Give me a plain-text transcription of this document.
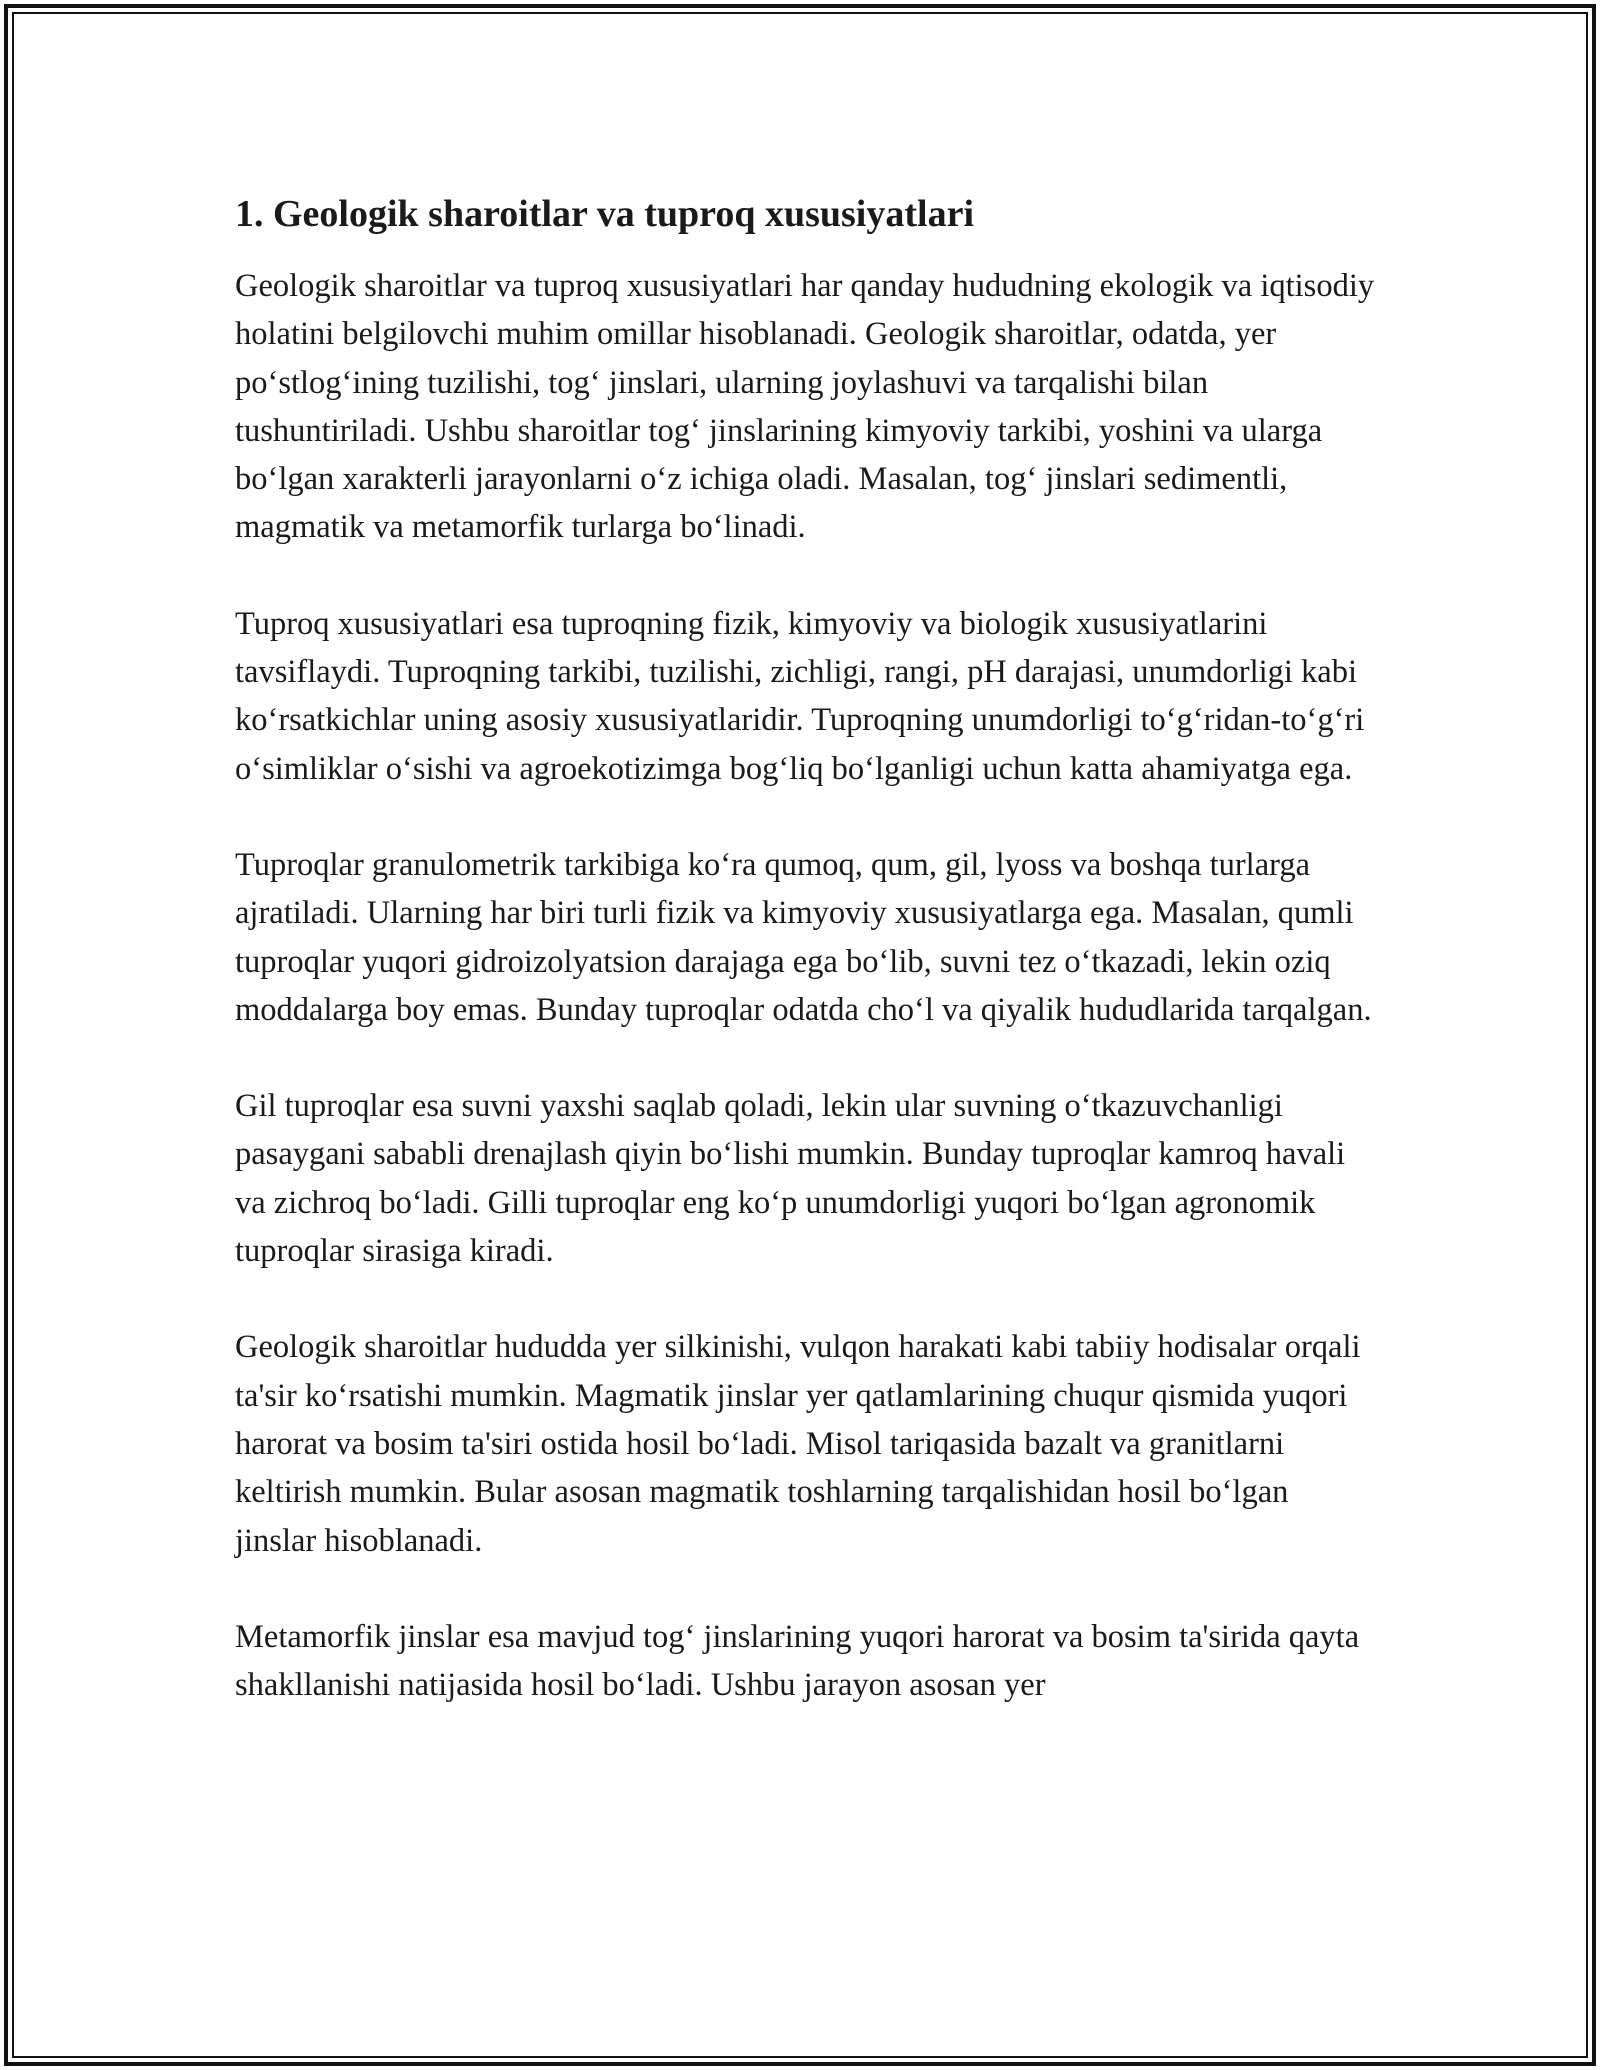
1. Geologik sharoitlar va tuproq xususiyatlari

Geologik sharoitlar va tuproq xususiyatlari har qanday hududning ekologik va iqtisodiy holatini belgilovchi muhim omillar hisoblanadi. Geologik sharoitlar, odatda, yer po‘stlog‘ining tuzilishi, tog‘ jinslari, ularning joylashuvi va tarqalishi bilan tushuntiriladi. Ushbu sharoitlar tog‘ jinslarining kimyoviy tarkibi, yoshini va ularga bo‘lgan xarakterli jarayonlarni o‘z ichiga oladi. Masalan, tog‘ jinslari sedimentli, magmatik va metamorfik turlarga bo‘linadi.

Tuproq xususiyatlari esa tuproqning fizik, kimyoviy va biologik xususiyatlarini tavsiflaydi. Tuproqning tarkibi, tuzilishi, zichligi, rangi, pH darajasi, unumdorligi kabi ko‘rsatkichlar uning asosiy xususiyatlaridir. Tuproqning unumdorligi to‘g‘ridan-to‘g‘ri o‘simliklar o‘sishi va agroekotizimga bog‘liq bo‘lganligi uchun katta ahamiyatga ega.

Tuproqlar granulometrik tarkibiga ko‘ra qumoq, qum, gil, lyoss va boshqa turlarga ajratiladi. Ularning har biri turli fizik va kimyoviy xususiyatlarga ega. Masalan, qumli tuproqlar yuqori gidroizolyatsion darajaga ega bo‘lib, suvni tez o‘tkazadi, lekin oziq moddalarga boy emas. Bunday tuproqlar odatda cho‘l va qiyalik hududlarida tarqalgan.

Gil tuproqlar esa suvni yaxshi saqlab qoladi, lekin ular suvning o‘tkazuvchanligi pasaygani sababli drenajlash qiyin bo‘lishi mumkin. Bunday tuproqlar kamroq havali va zichroq bo‘ladi. Gilli tuproqlar eng ko‘p unumdorligi yuqori bo‘lgan agronomik tuproqlar sirasiga kiradi.

Geologik sharoitlar hududda yer silkinishi, vulqon harakati kabi tabiiy hodisalar orqali ta'sir ko‘rsatishi mumkin. Magmatik jinslar yer qatlamlarining chuqur qismida yuqori harorat va bosim ta'siri ostida hosil bo‘ladi. Misol tariqasida bazalt va granitlarni keltirish mumkin. Bular asosan magmatik toshlarning tarqalishidan hosil bo‘lgan jinslar hisoblanadi.

Metamorfik jinslar esa mavjud tog‘ jinslarining yuqori harorat va bosim ta'sirida qayta shakllanishi natijasida hosil bo‘ladi. Ushbu jarayon asosan yer
